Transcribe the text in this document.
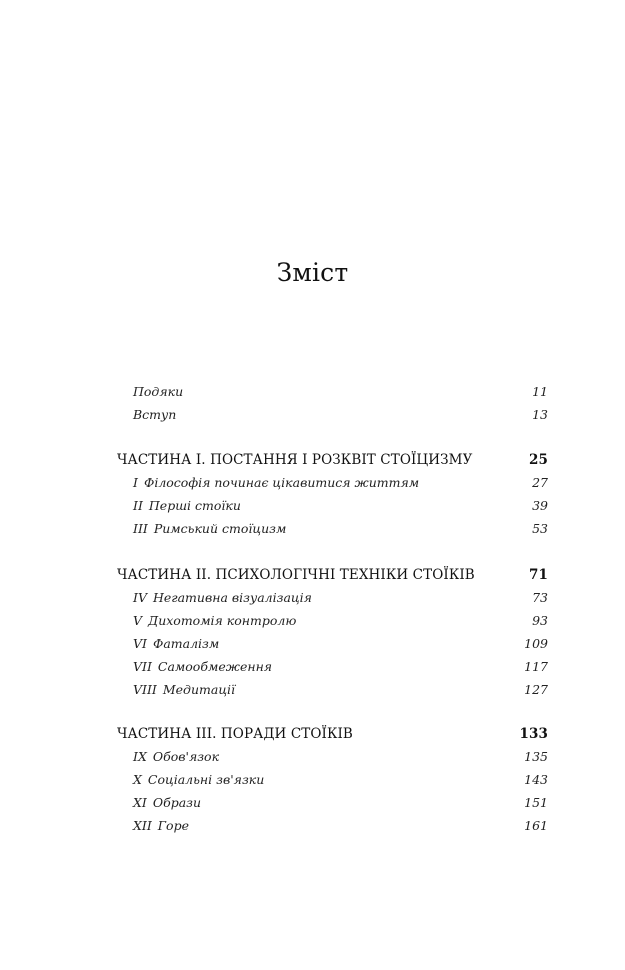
Зміст
Подяки	11
Вступ	13
ЧАСТИНА І. ПОСТАННЯ І РОЗКВІТ СТОЇЦИЗМУ	25
I Філософія починає цікавитися життям	27
II Перші стоїки	39
III Римський стоїцизм	53
ЧАСТИНА ІІ. ПСИХОЛОГІЧНІ ТЕХНІКИ СТОЇКІВ	71
IV Негативна візуалізація	73
V Дихотомія контролю	93
VI Фаталізм	109
VII Самообмеження	117
VIII Медитації	127
ЧАСТИНА ІІІ. ПОРАДИ СТОЇКІВ	133
IX Обов'язок	135
X Соціальні зв'язки	143
XI Образи	151
XII Горе	161
